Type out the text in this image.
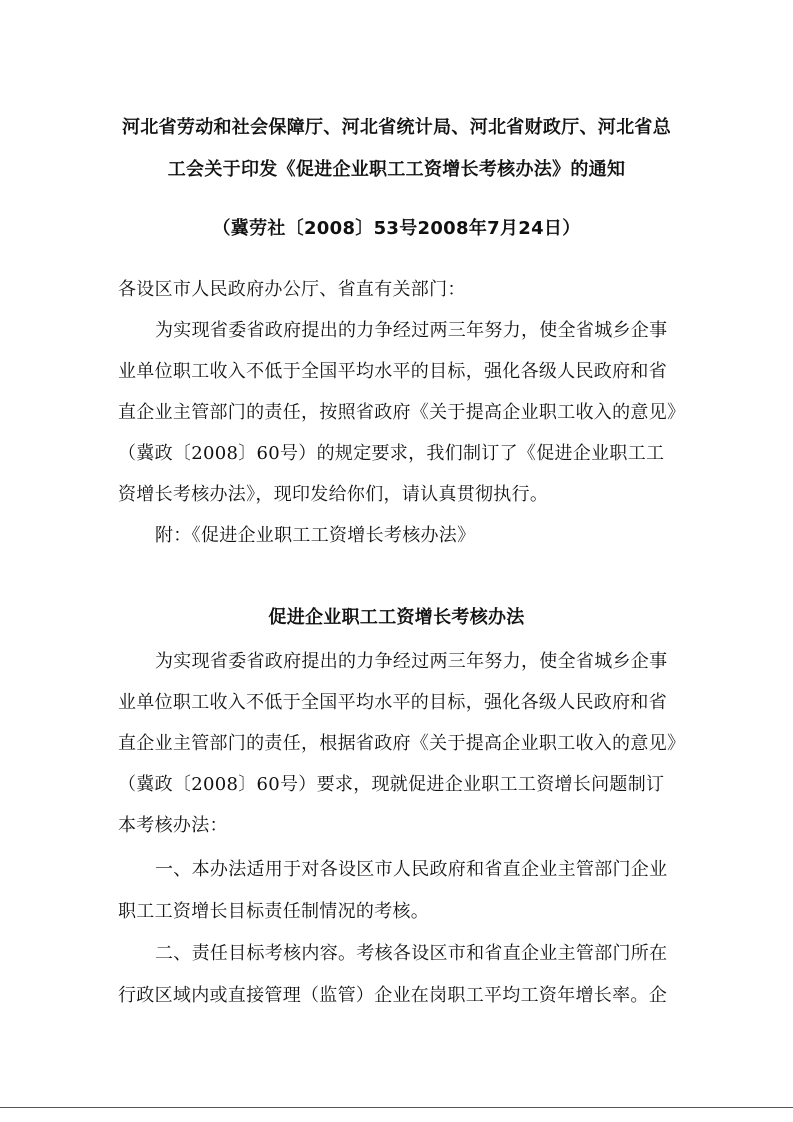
河北省劳动和社会保障厅、河北省统计局、河北省财政厅、河北省总
工会关于印发《促进企业职工工资增长考核办法》的通知
（冀劳社〔2008〕53号2008年7月24日）
各设区市人民政府办公厅、省直有关部门：
为实现省委省政府提出的力争经过两三年努力，使全省城乡企事
业单位职工收入不低于全国平均水平的目标，强化各级人民政府和省
直企业主管部门的责任，按照省政府《关于提高企业职工收入的意见》
（冀政〔2008〕60号）的规定要求，我们制订了《促进企业职工工
资增长考核办法》，现印发给你们，请认真贯彻执行。
附：《促进企业职工工资增长考核办法》
促进企业职工工资增长考核办法
为实现省委省政府提出的力争经过两三年努力，使全省城乡企事
业单位职工收入不低于全国平均水平的目标，强化各级人民政府和省
直企业主管部门的责任，根据省政府《关于提高企业职工收入的意见》
（冀政〔2008〕60号）要求，现就促进企业职工工资增长问题制订
本考核办法：
一、本办法适用于对各设区市人民政府和省直企业主管部门企业
职工工资增长目标责任制情况的考核。
二、责任目标考核内容。考核各设区市和省直企业主管部门所在
行政区域内或直接管理（监管）企业在岗职工平均工资年增长率。企
